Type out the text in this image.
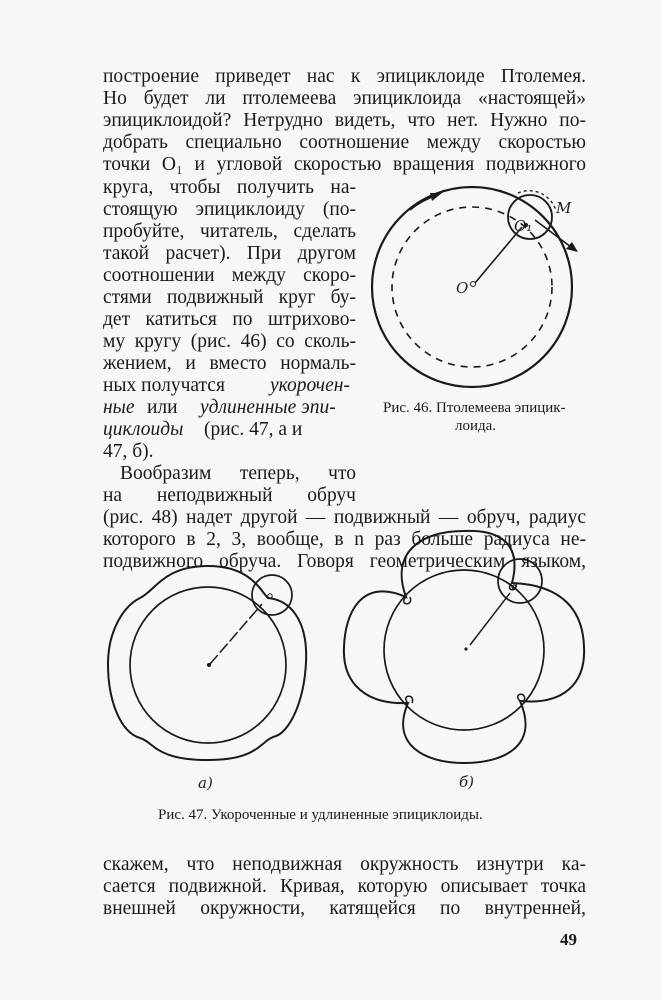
построение приведет нас к эпициклоиде Птолемея.
Но будет ли птолемеева эпициклоида «настоящей»
эпициклоидой? Нетрудно видеть, что нет. Нужно по-
добрать специально соотношение между скоростью
точки O₁ и угловой скоростью вращения подвижного
круга, чтобы получить на-
стоящую эпициклоиду (по-
пробуйте, читатель, сделать
такой расчет). При другом
соотношении между скоро-
стями подвижный круг бу-
дет катиться по штрихово-
му кругу (рис. 46) со сколь-
жением, и вместо нормаль-
ных получатся укорочен-
ные или удлиненные эпи-
циклоиды (рис. 47, а и
47, б).
Вообразим теперь, что
на неподвижный обруч
(рис. 48) надет другой — подвижный — обруч, радиус
которого в 2, 3, вообще, в n раз больше радиуса не-
подвижного обруча. Говоря геометрическим языком,
M
O₁
O
Рис. 46. Птолемеева эпицик-
лоида.
а)	б)
Рис. 47. Укороченные и удлиненные эпициклоиды.
скажем, что неподвижная окружность изнутри ка-
сается подвижной. Кривая, которую описывает точка
внешней окружности, катящейся по внутренней,
49
